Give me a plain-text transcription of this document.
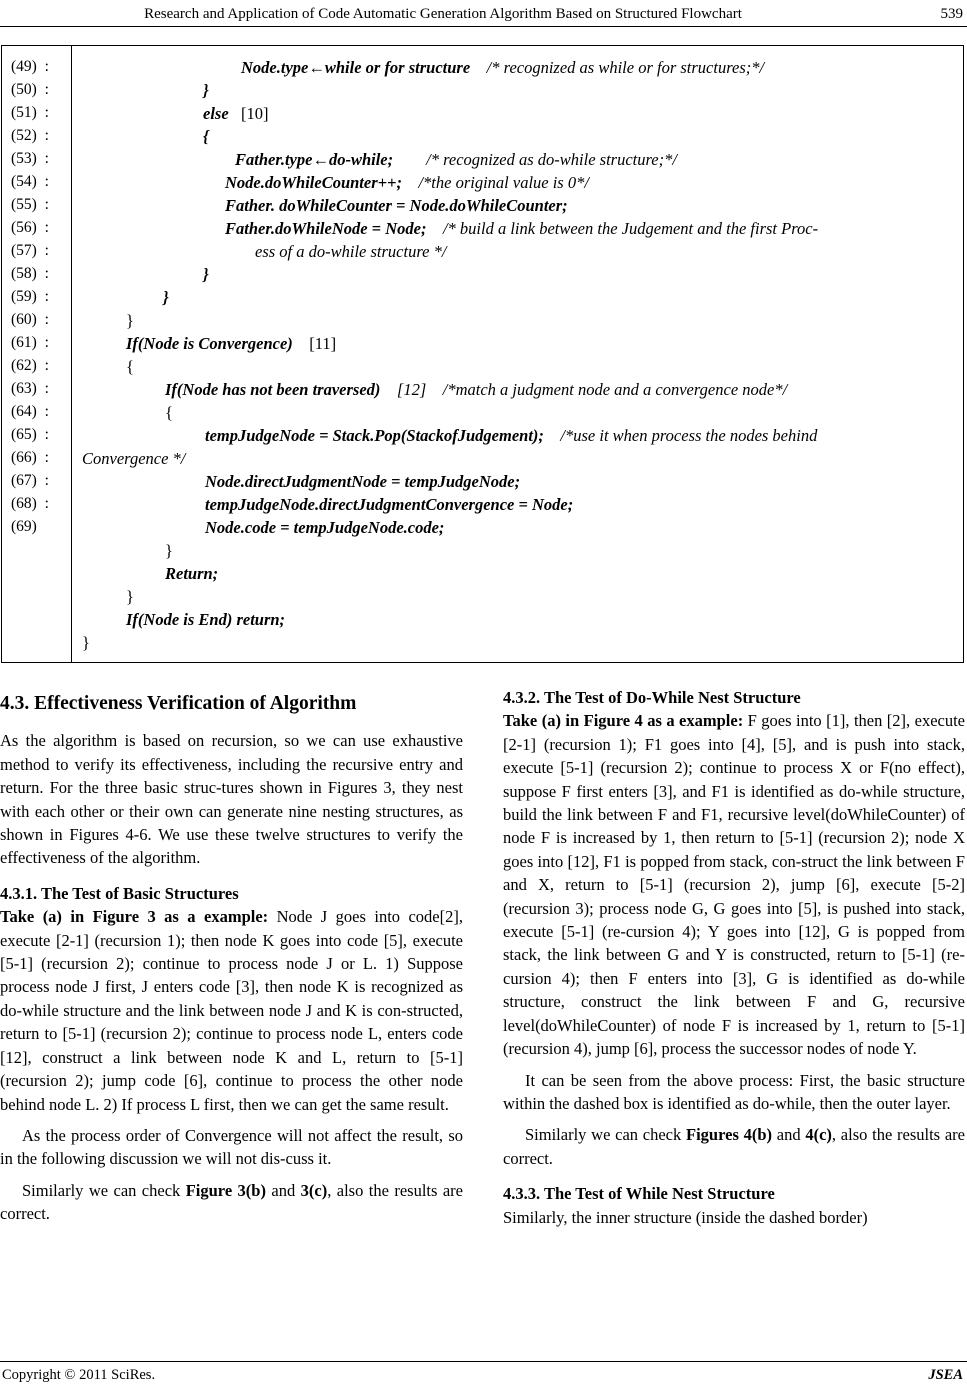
Research and Application of Code Automatic Generation Algorithm Based on Structured Flowchart	539
(49)  :
(50)  :
(51)  :
(52)  :
(53)  :
(54)  :
(55)  :
(56)  :
(57)  :
(58)  :
(59)  :
(60)  :
(61)  :
(62)  :
(63)  :
(64)  :
(65)  :
(66)  :
(67)  :
(68)  :
(69)
Node.type←while or for structure /* recognized as while or for structures;*/
}
else [10]
{
Father.type←do-while; /* recognized as do-while structure;*/
Node.doWhileCounter++; /*the original value is 0*/
Father. doWhileCounter = Node.doWhileCounter;
Father.doWhileNode = Node; /* build a link between the Judgement and the first Proc-
ess of a do-while structure */
}
}
}
If(Node is Convergence) [11]
{
If(Node has not been traversed) [12]    /*match a judgment node and a convergence node*/
{
tempJudgeNode = Stack.Pop(StackofJudgement); /*use it when process the nodes behind
Convergence */
Node.directJudgmentNode = tempJudgeNode;
tempJudgeNode.directJudgmentConvergence = Node;
Node.code = tempJudgeNode.code;
}
Return;
}
If(Node is End) return;
}

4.3. Effectiveness Verification of Algorithm

As the algorithm is based on recursion, so we can use exhaustive method to verify its effectiveness, including the recursive entry and return. For the three basic struc-tures shown in Figures 3, they nest with each other or their own can generate nine nesting structures, as shown in Figures 4-6. We use these twelve structures to verify the effectiveness of the algorithm.

4.3.1. The Test of Basic Structures

Take (a) in Figure 3 as a example: Node J goes into code[2], execute [2-1] (recursion 1); then node K goes into code [5], execute [5-1] (recursion 2); continue to process node J or L. 1) Suppose process node J first, J enters code [3], then node K is recognized as do-while structure and the link between node J and K is con-structed, return to [5-1] (recursion 2); continue to process node L, enters code [12], construct a link between node K and L, return to [5-1] (recursion 2); jump code [6], continue to process the other node behind node L. 2) If process L first, then we can get the same result.

As the process order of Convergence will not affect the result, so in the following discussion we will not dis-cuss it.

Similarly we can check Figure 3(b) and 3(c), also the results are correct.

4.3.2. The Test of Do-While Nest Structure

Take (a) in Figure 4 as a example: F goes into [1], then [2], execute [2-1] (recursion 1); F1 goes into [4], [5], and is push into stack, execute [5-1] (recursion 2); continue to process X or F(no effect), suppose F first enters [3], and F1 is identified as do-while structure, build the link between F and F1, recursive level(doWhileCounter) of node F is increased by 1, then return to [5-1] (recursion 2); node X goes into [12], F1 is popped from stack, con-struct the link between F and X, return to [5-1] (recursion 2), jump [6], execute [5-2] (recursion 3); process node G, G goes into [5], is pushed into stack, execute [5-1] (re-cursion 4); Y goes into [12], G is popped from stack, the link between G and Y is constructed, return to [5-1] (re-cursion 4); then F enters into [3], G is identified as do-while structure, construct the link between F and G, recursive level(doWhileCounter) of node F is increased by 1, return to [5-1] (recursion 4), jump [6], process the successor nodes of node Y.

It can be seen from the above process: First, the basic structure within the dashed box is identified as do-while, then the outer layer.

Similarly we can check Figures 4(b) and 4(c), also the results are correct.

4.3.3. The Test of While Nest Structure

Similarly, the inner structure (inside the dashed border)

Copyright © 2011 SciRes.	JSEA
